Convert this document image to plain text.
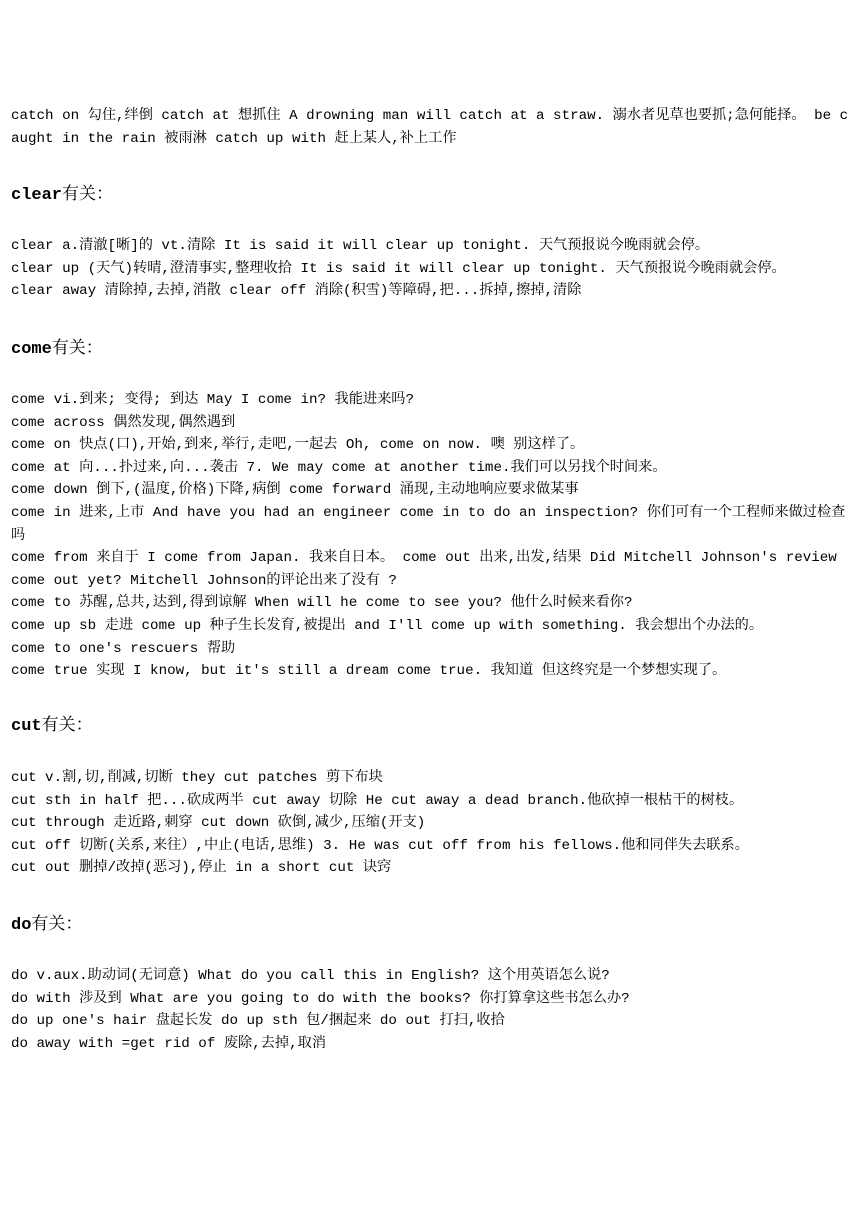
catch on 勾住,绊倒 catch at 想抓住 A drowning man will catch at a straw. 溺水者见草也要抓;急何能择。 be caught in the rain 被雨淋 catch up with 赶上某人,补上工作

clear有关：

clear a.清澈[晰]的 vt.清除 It is said it will clear up tonight. 天气预报说今晚雨就会停。

clear up (天气)转晴,澄清事实,整理收拾 It is said it will clear up tonight. 天气预报说今晚雨就会停。

clear away 清除掉,去掉,消散 clear off 消除(积雪)等障碍,把...拆掉,擦掉,清除

come有关：

come vi.到来; 变得; 到达 May I come in? 我能进来吗?

come across 偶然发现,偶然遇到

come on 快点(口),开始,到来,举行,走吧,一起去 Oh, come on now. 噢 别这样了。

come at 向...扑过来,向...袭击 7. We may come at another time.我们可以另找个时间来。

come down 倒下,(温度,价格)下降,病倒 come forward 涌现,主动地响应要求做某事

come in 进来,上市 And have you had an engineer come in to do an inspection? 你们可有一个工程师来做过检查吗

come from 来自于 I come from Japan. 我来自日本。 come out 出来,出发,结果 Did Mitchell Johnson's review come out yet? Mitchell Johnson的评论出来了没有 ?

come to 苏醒,总共,达到,得到谅解 When will he come to see you? 他什么时候来看你?

come up sb 走进 come up 种子生长发育,被提出 and I'll come up with something. 我会想出个办法的。

come to one's rescuers 帮助

come true 实现 I know, but it's still a dream come true. 我知道 但这终究是一个梦想实现了。

cut有关：

cut v.割,切,削减,切断 they cut patches 剪下布块

cut sth in half 把...砍成两半 cut away 切除 He cut away a dead branch.他砍掉一根枯干的树枝。

cut through 走近路,刺穿 cut down 砍倒,减少,压缩(开支)

cut off 切断(关系,来往）,中止(电话,思维) 3. He was cut off from his fellows.他和同伴失去联系。

cut out 删掉/改掉(恶习),停止 in a short cut 诀窍

do有关：

do v.aux.助动词(无词意) What do you call this in English? 这个用英语怎么说?

do with 涉及到 What are you going to do with the books? 你打算拿这些书怎么办?

do up one's hair 盘起长发 do up sth 包/捆起来 do out 打扫,收拾

do away with =get rid of 废除,去掉,取消
